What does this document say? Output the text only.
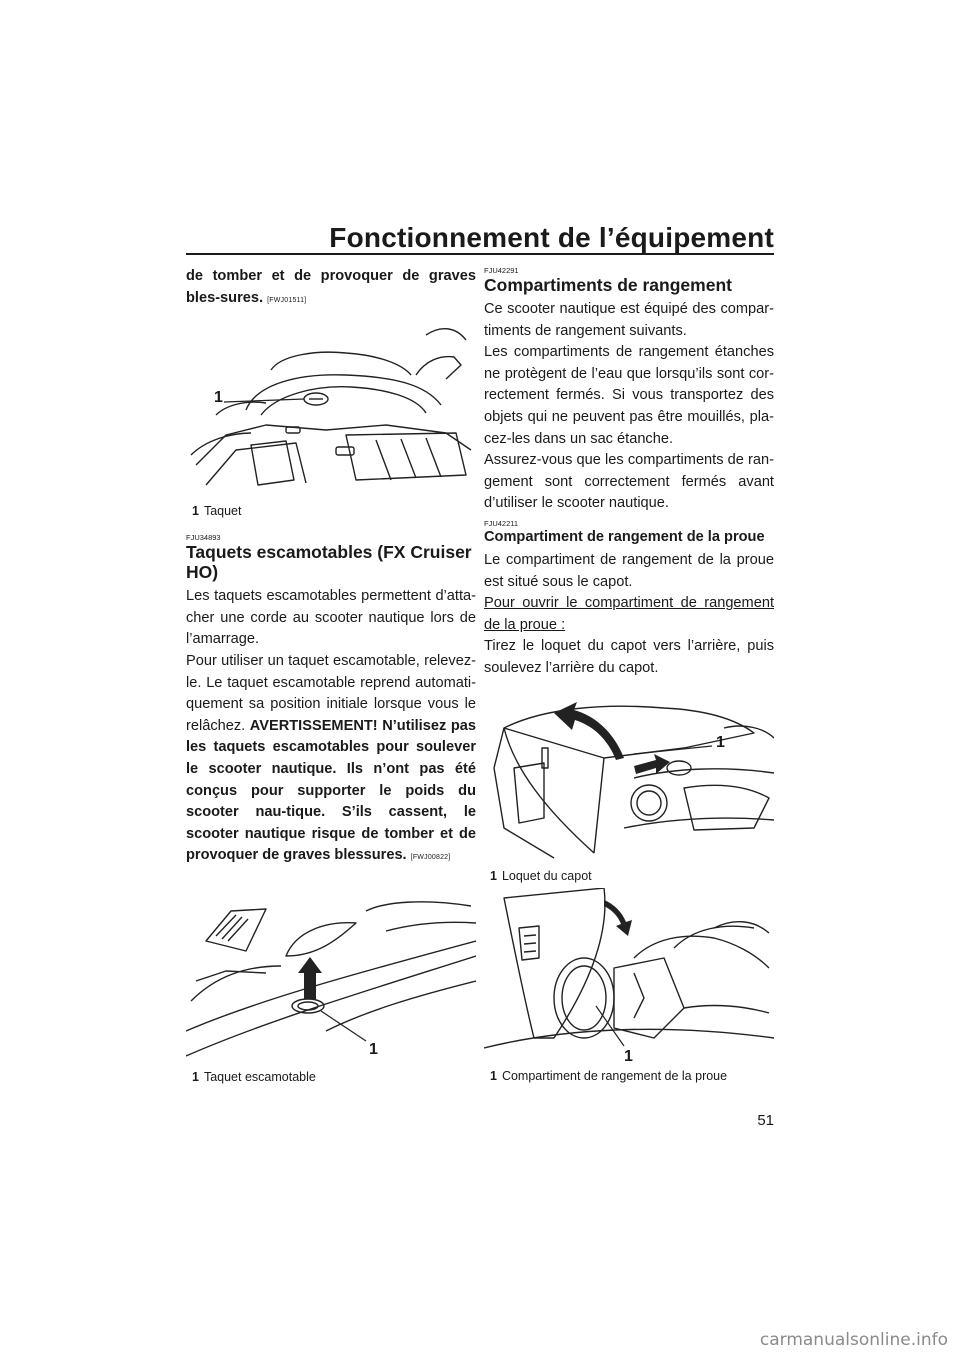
Fonctionnement de l’équipement

de tomber et de provoquer de graves bles-sures. [FWJ01511]

1
1 Taquet
FJU34893
Taquets escamotables (FX Cruiser HO)

Les taquets escamotables permettent d’atta-cher une corde au scooter nautique lors de l’amarrage.

Pour utiliser un taquet escamotable, relevez-le. Le taquet escamotable reprend automati-quement sa position initiale lorsque vous le relâchez. AVERTISSEMENT! N’utilisez pas les taquets escamotables pour soulever le scooter nautique. Ils n’ont pas été conçus pour supporter le poids du scooter nau-tique. S’ils cassent, le scooter nautique risque de tomber et de provoquer de graves blessures. [FWJ00822]

1
1 Taquet escamotable
FJU42291
Compartiments de rangement

Ce scooter nautique est équipé des compar-timents de rangement suivants.

Les compartiments de rangement étanches ne protègent de l’eau que lorsqu’ils sont cor-rectement fermés. Si vous transportez des objets qui ne peuvent pas être mouillés, pla-cez-les dans un sac étanche.

Assurez-vous que les compartiments de ran-gement sont correctement fermés avant d’utiliser le scooter nautique.

FJU42211
Compartiment de rangement de la proue

Le compartiment de rangement de la proue est situé sous le capot.

Pour ouvrir le compartiment de rangement de la proue :

Tirez le loquet du capot vers l’arrière, puis soulevez l’arrière du capot.

1
1 Loquet du capot
1
1 Compartiment de rangement de la proue
51
carmanualsonline.info
